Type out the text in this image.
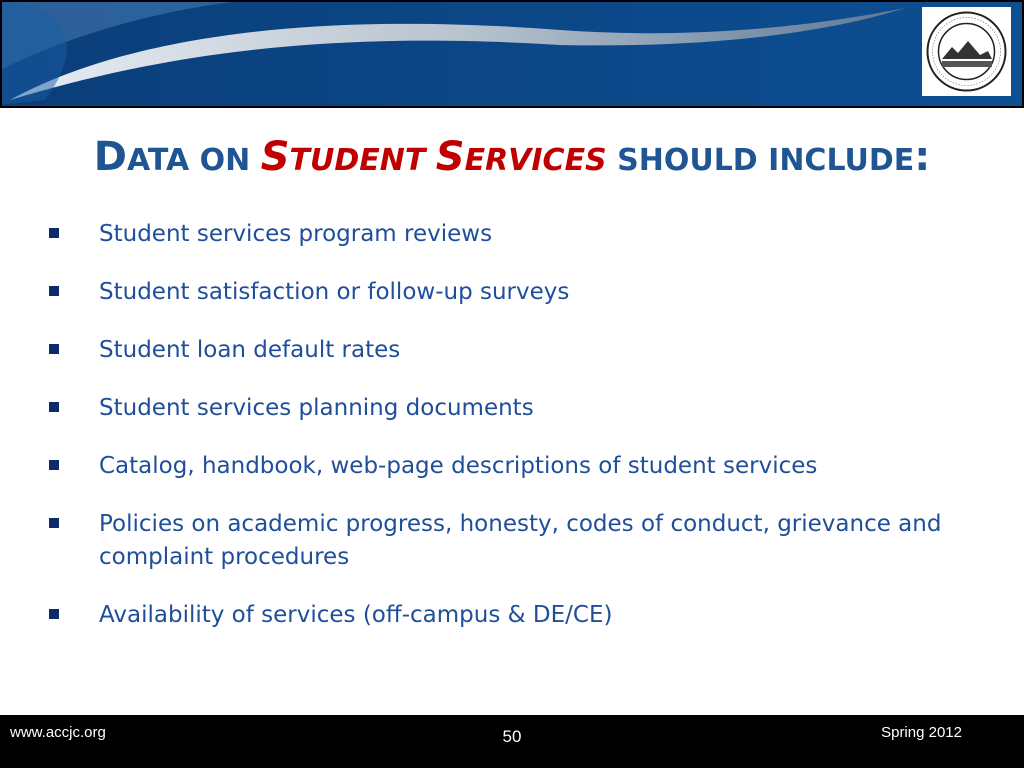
DATA ON STUDENT SERVICES SHOULD INCLUDE:
Student services program reviews
Student satisfaction or follow-up surveys
Student loan default rates
Student services planning documents
Catalog, handbook, web-page descriptions of student services
Policies on academic progress, honesty, codes of conduct, grievance and complaint procedures
Availability of services (off-campus & DE/CE)
www.accjc.org	50	Spring 2012
